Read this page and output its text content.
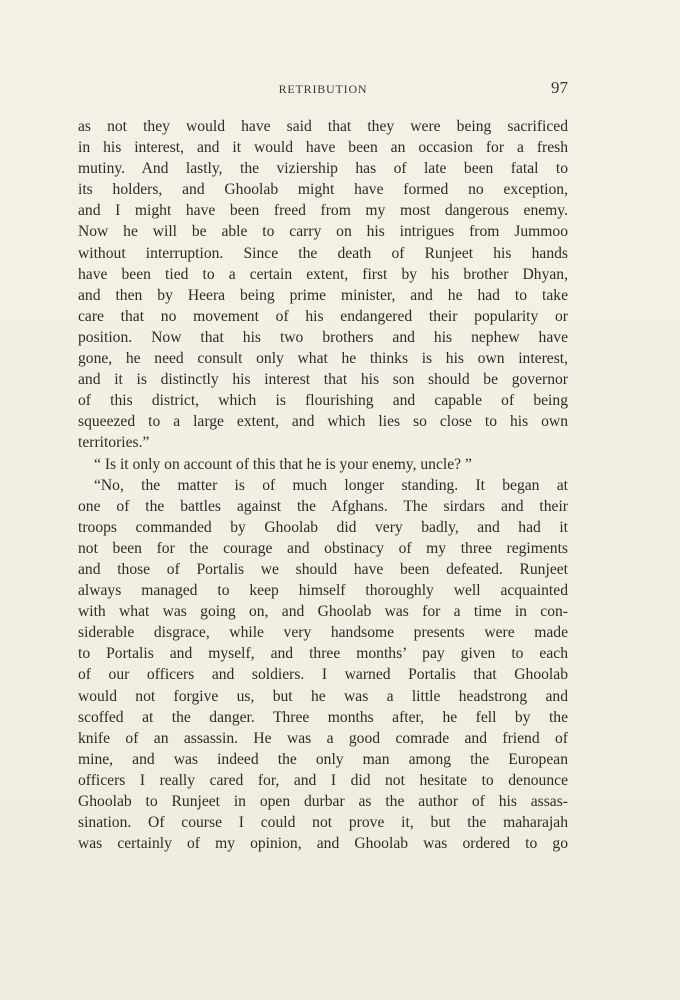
RETRIBUTION	97
as not they would have said that they were being sacrificed
in his interest, and it would have been an occasion for a fresh
mutiny. And lastly, the viziership has of late been fatal to
its holders, and Ghoolab might have formed no exception,
and I might have been freed from my most dangerous enemy.
Now he will be able to carry on his intrigues from Jummoo
without interruption. Since the death of Runjeet his hands
have been tied to a certain extent, first by his brother Dhyan,
and then by Heera being prime minister, and he had to take
care that no movement of his endangered their popularity or
position. Now that his two brothers and his nephew have
gone, he need consult only what he thinks is his own interest,
and it is distinctly his interest that his son should be governor
of this district, which is flourishing and capable of being
squeezed to a large extent, and which lies so close to his own
territories.”
“ Is it only on account of this that he is your enemy, uncle? ”
“No, the matter is of much longer standing. It began at
one of the battles against the Afghans. The sirdars and their
troops commanded by Ghoolab did very badly, and had it
not been for the courage and obstinacy of my three regiments
and those of Portalis we should have been defeated. Runjeet
always managed to keep himself thoroughly well acquainted
with what was going on, and Ghoolab was for a time in con-
siderable disgrace, while very handsome presents were made
to Portalis and myself, and three months’ pay given to each
of our officers and soldiers. I warned Portalis that Ghoolab
would not forgive us, but he was a little headstrong and
scoffed at the danger. Three months after, he fell by the
knife of an assassin. He was a good comrade and friend of
mine, and was indeed the only man among the European
officers I really cared for, and I did not hesitate to denounce
Ghoolab to Runjeet in open durbar as the author of his assas-
sination. Of course I could not prove it, but the maharajah
was certainly of my opinion, and Ghoolab was ordered to go
